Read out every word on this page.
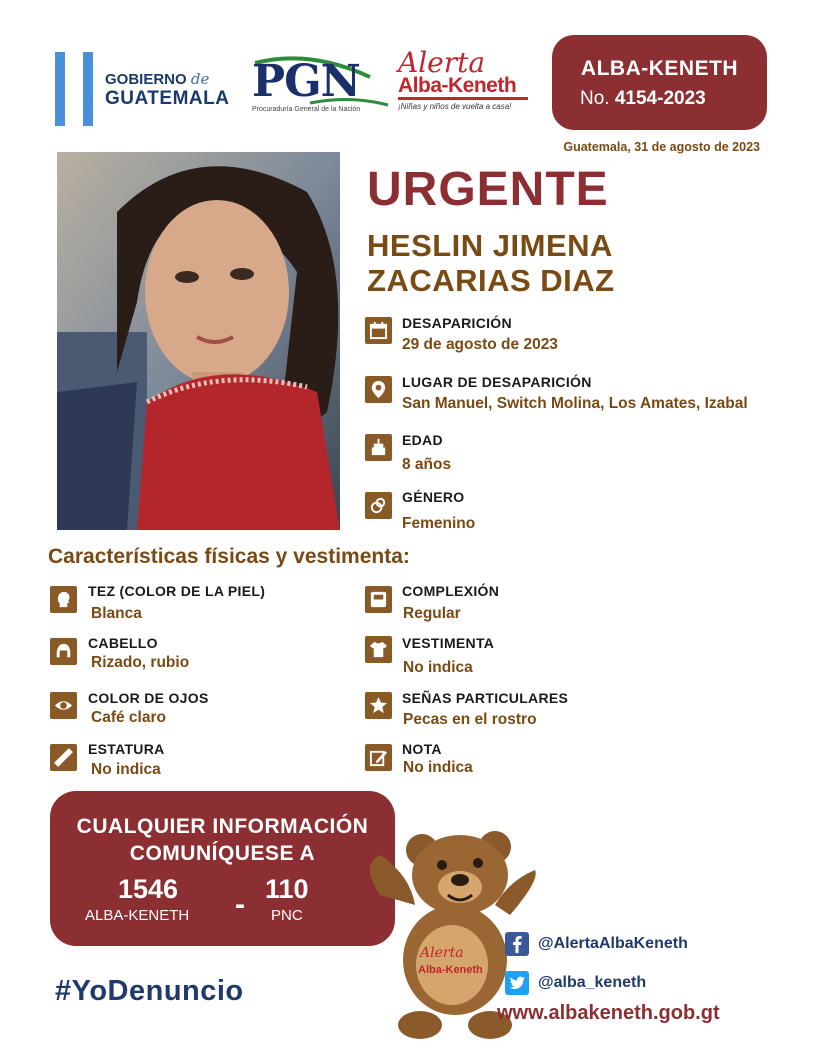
GOBIERNO de
GUATEMALA PGN
Procuraduría General de la Nación
Alerta
Alba-Keneth
¡Niñas y niños de vuelta a casa!
ALBA-KENETH
No. 4154-2023
Guatemala, 31 de agosto de 2023
URGENTE
HESLIN JIMENA
ZACARIAS DIAZ
DESAPARICIÓN
29 de agosto de 2023
LUGAR DE DESAPARICIÓN
San Manuel, Switch Molina, Los Amates, Izabal
EDAD
8 años
GÉNERO
Femenino
Características físicas y vestimenta:
TEZ (COLOR DE LA PIEL)
Blanca
CABELLO
Rizado, rubio
COLOR DE OJOS
Café claro
ESTATURA
No indica
COMPLEXIÓN
Regular
VESTIMENTA
No indica
SEÑAS PARTICULARES
Pecas en el rostro
NOTA
No indica
CUALQUIER INFORMACIÓN
COMUNÍQUESE A
1546
ALBA-KENETH - 110
PNC
Alerta
Alba-Keneth
@AlertaAlbaKeneth
@alba_keneth
www.albakeneth.gob.gt
#YoDenuncio
